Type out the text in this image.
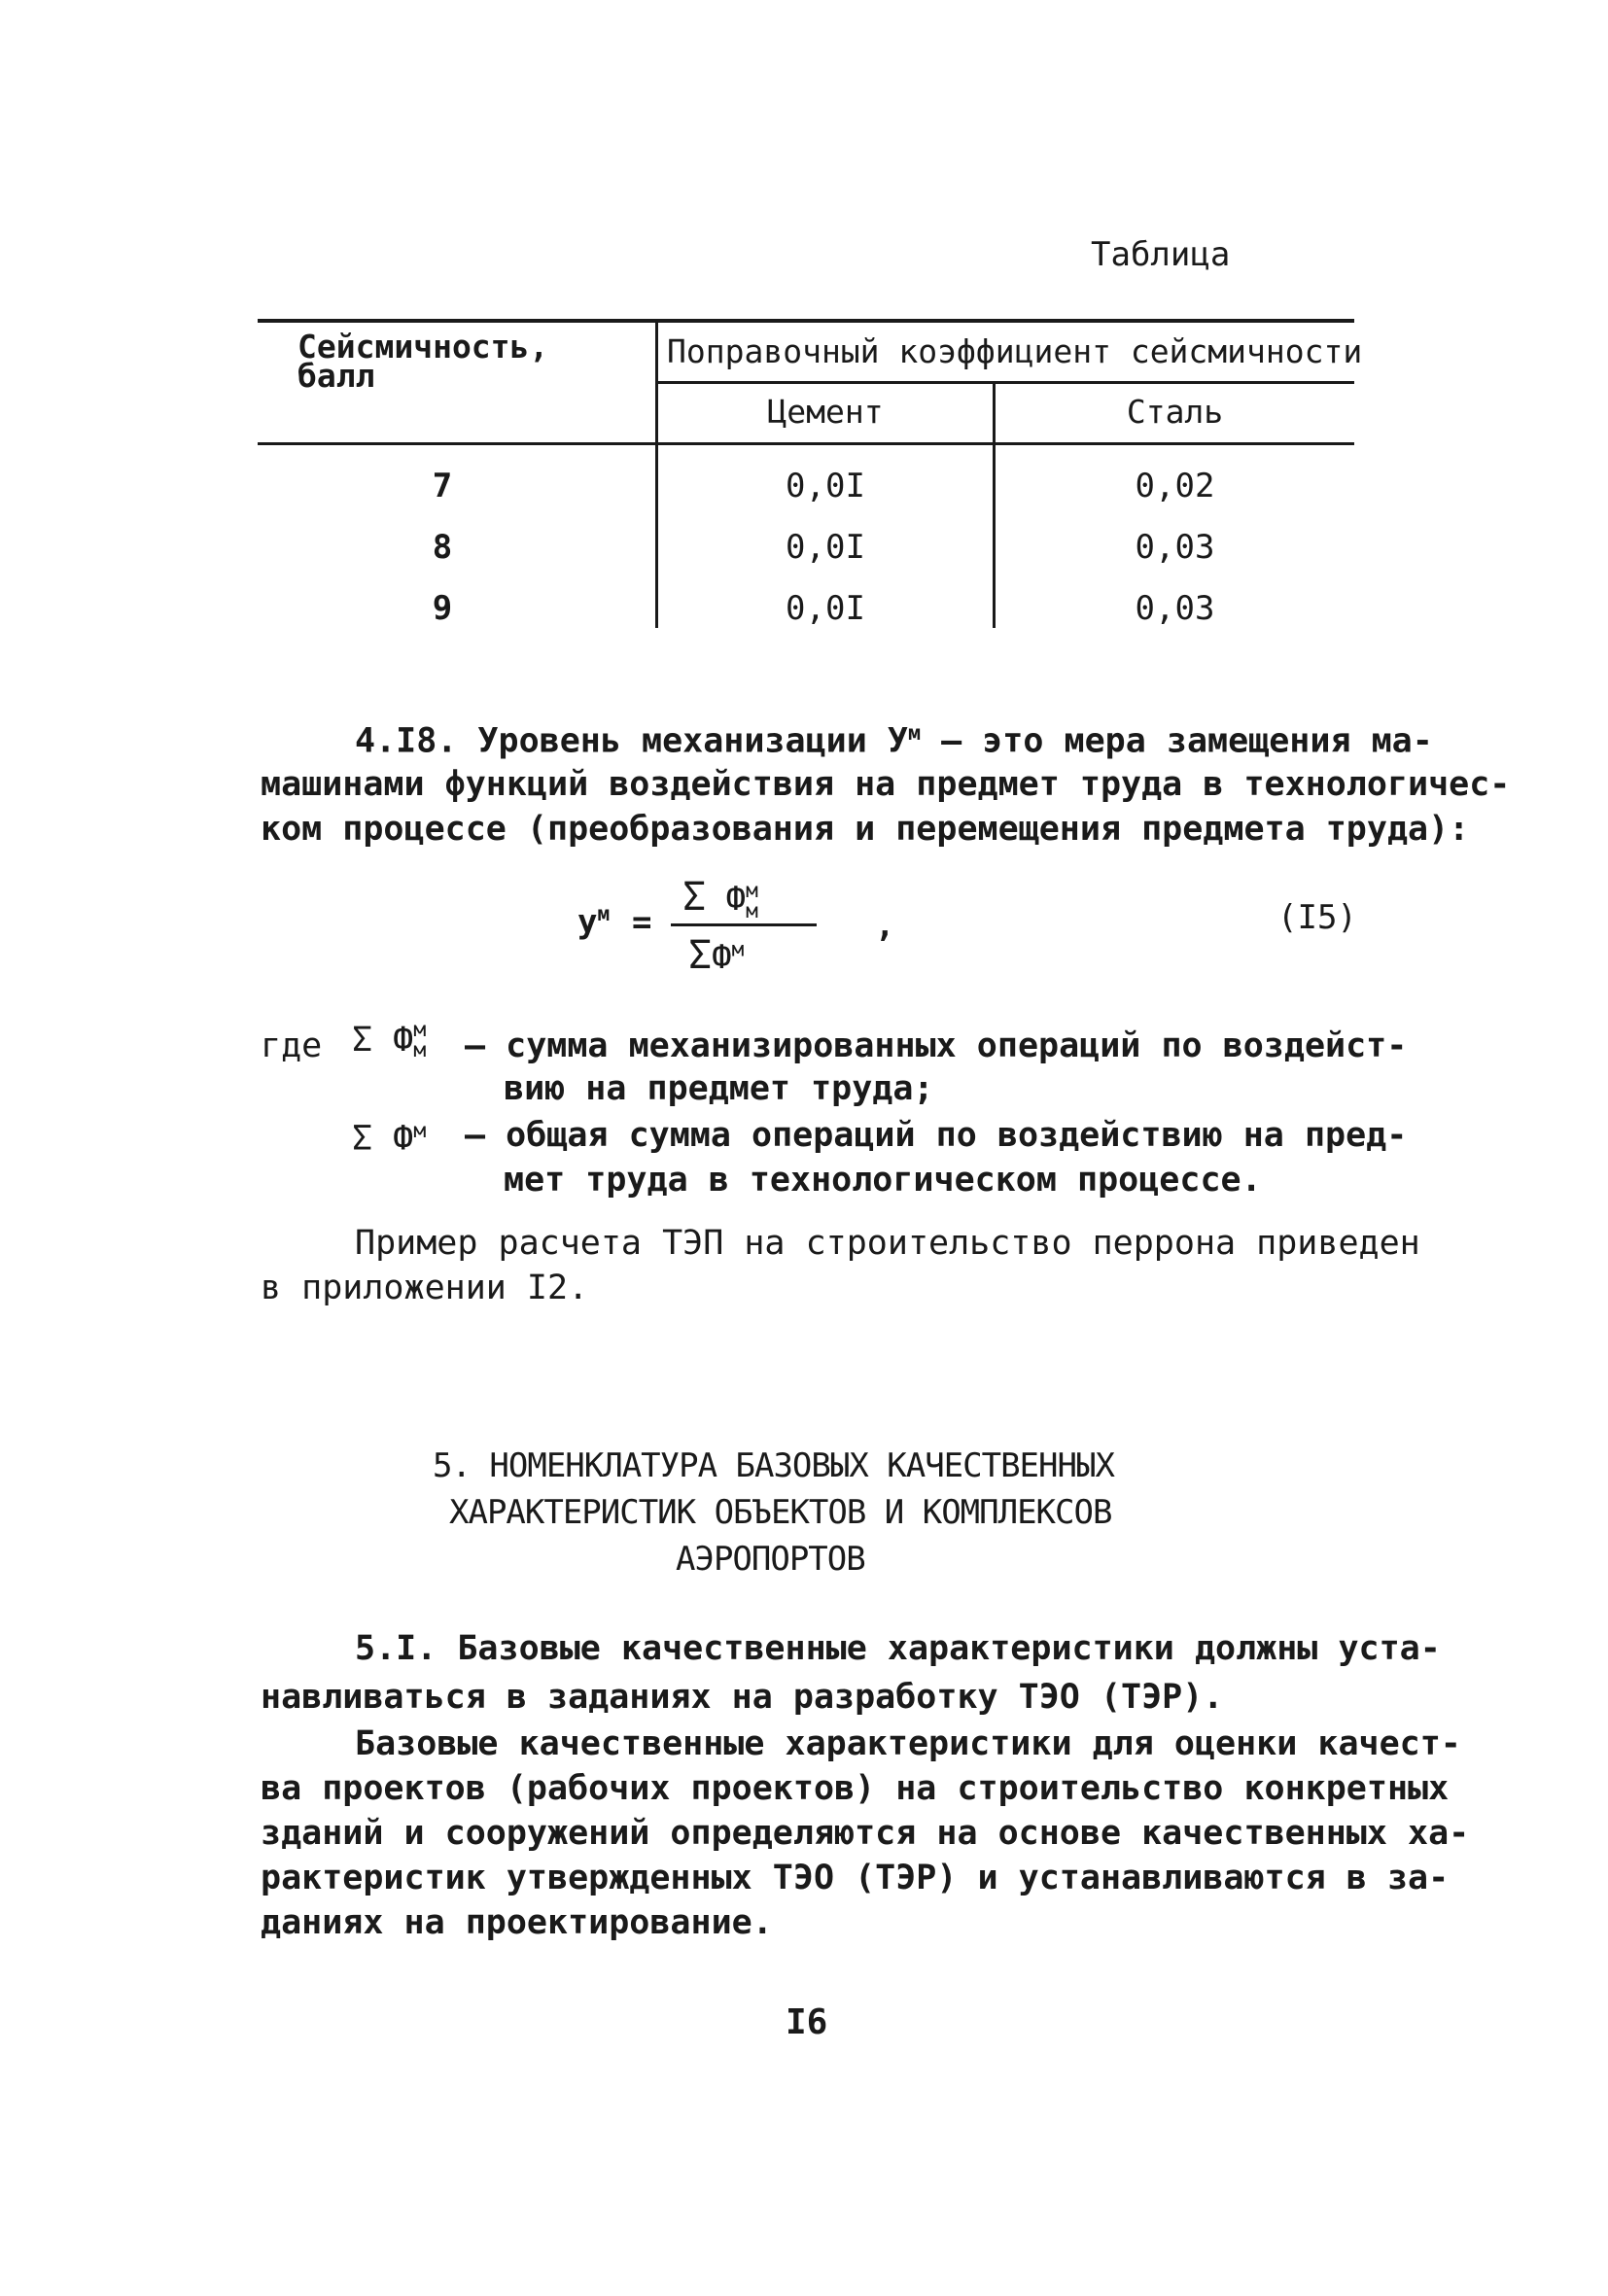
Таблица
Сейсмичность, балл
Поправочный коэффициент сейсмичности
Цемент	Сталь
7	0,0I	0,02
8	0,0I	0,03
9	0,0I	0,03
4.I8. Уровень механизации $У^м$ – это мера замещения ма-
машинами функций воздействия на предмет труда в технологичес-
ком процессе (преобразования и перемещения предмета труда):
$у^м$ =
Σ Ф м
м
$\Sigma Ф^м$
,	(I5)
где Σ Ф м
м – сумма механизированных операций по воздейст-
вию на предмет труда;
Σ $Ф^м$ – общая сумма операций по воздействию на пред-
мет труда в технологическом процессе.
Пример расчета ТЭП на строительство перрона приведен
в приложении I2.
5. НОМЕНКЛАТУРА БАЗОВЫХ КАЧЕСТВЕННЫХ
ХАРАКТЕРИСТИК ОБЪЕКТОВ И КОМПЛЕКСОВ
АЭРОПОРТОВ
5.I. Базовые качественные характеристики должны уста-
навливаться в заданиях на разработку ТЭО (ТЭР).
Базовые качественные характеристики для оценки качест-
ва проектов (рабочих проектов) на строительство конкретных
зданий и сооружений определяются на основе качественных ха-
рактеристик утвержденных ТЭО (ТЭР) и устанавливаются в за-
даниях на проектирование.
I6
